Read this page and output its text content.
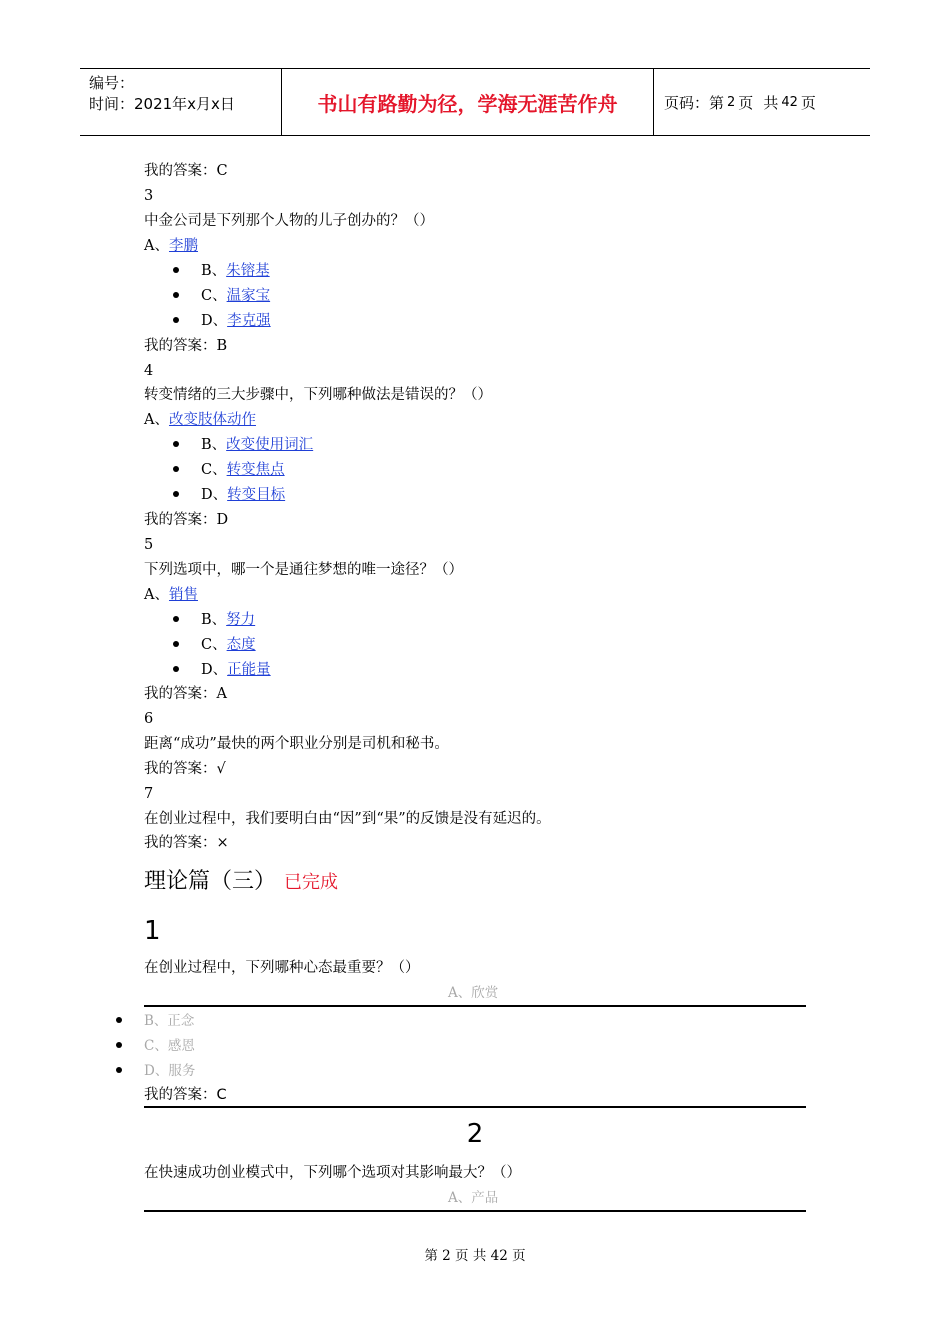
编号：
时间：2021年x月x日	书山有路勤为径，学海无涯苦作舟	页码：第 2 页 共 42 页
我的答案：C
3
中金公司是下列那个人物的儿子创办的？（）
A、李鹏
B、朱镕基
C、温家宝
D、李克强
我的答案：B
4
转变情绪的三大步骤中，下列哪种做法是错误的？（）
A、改变肢体动作
B、改变使用词汇
C、转变焦点
D、转变目标
我的答案：D
5
下列选项中，哪一个是通往梦想的唯一途径？（）
A、销售
B、努力
C、态度
D、正能量
我的答案：A
6
距离“成功”最快的两个职业分别是司机和秘书。
我的答案：√
7
在创业过程中，我们要明白由“因”到“果”的反馈是没有延迟的。
我的答案：×
理论篇（三） 已完成
1
在创业过程中，下列哪种心态最重要？（）
A、欣赏
B、正念
C、感恩
D、服务
我的答案：C
2
在快速成功创业模式中，下列哪个选项对其影响最大？（）
A、产品
第 2 页 共 42 页
